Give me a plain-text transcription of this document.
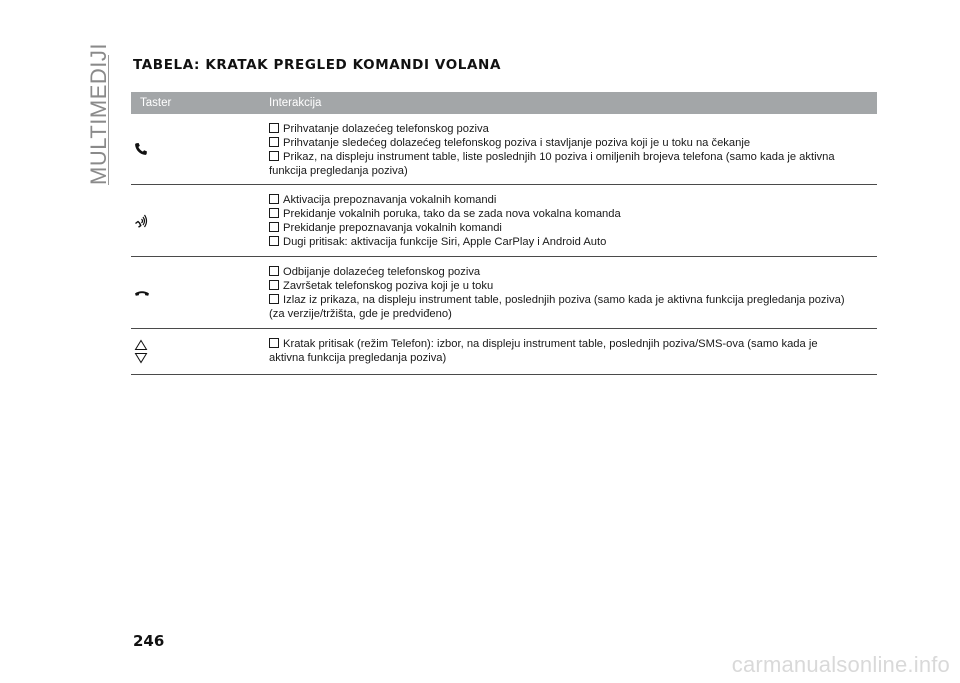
MULTIMEDIJI TABELA: KRATAK PREGLED KOMANDI VOLANA
Taster	Interakcija
Prihvatanje dolazećeg telefonskog poziva
Prihvatanje sledećeg dolazećeg telefonskog poziva i stavljanje poziva koji je u toku na čekanje
Prikaz, na displeju instrument table, liste poslednjih 10 poziva i omiljenih brojeva telefona (samo kada je aktivna
funkcija pregledanja poziva)
Aktivacija prepoznavanja vokalnih komandi
Prekidanje vokalnih poruka, tako da se zada nova vokalna komanda
Prekidanje prepoznavanja vokalnih komandi
Dugi pritisak: aktivacija funkcije Siri, Apple CarPlay i Android Auto
Odbijanje dolazećeg telefonskog poziva
Završetak telefonskog poziva koji je u toku
Izlaz iz prikaza, na displeju instrument table, poslednjih poziva (samo kada je aktivna funkcija pregledanja poziva)
(za verzije/tržišta, gde je predviđeno)
Kratak pritisak (režim Telefon): izbor, na displeju instrument table, poslednjih poziva/SMS-ova (samo kada je
aktivna funkcija pregledanja poziva)
246
carmanualsonline.info
